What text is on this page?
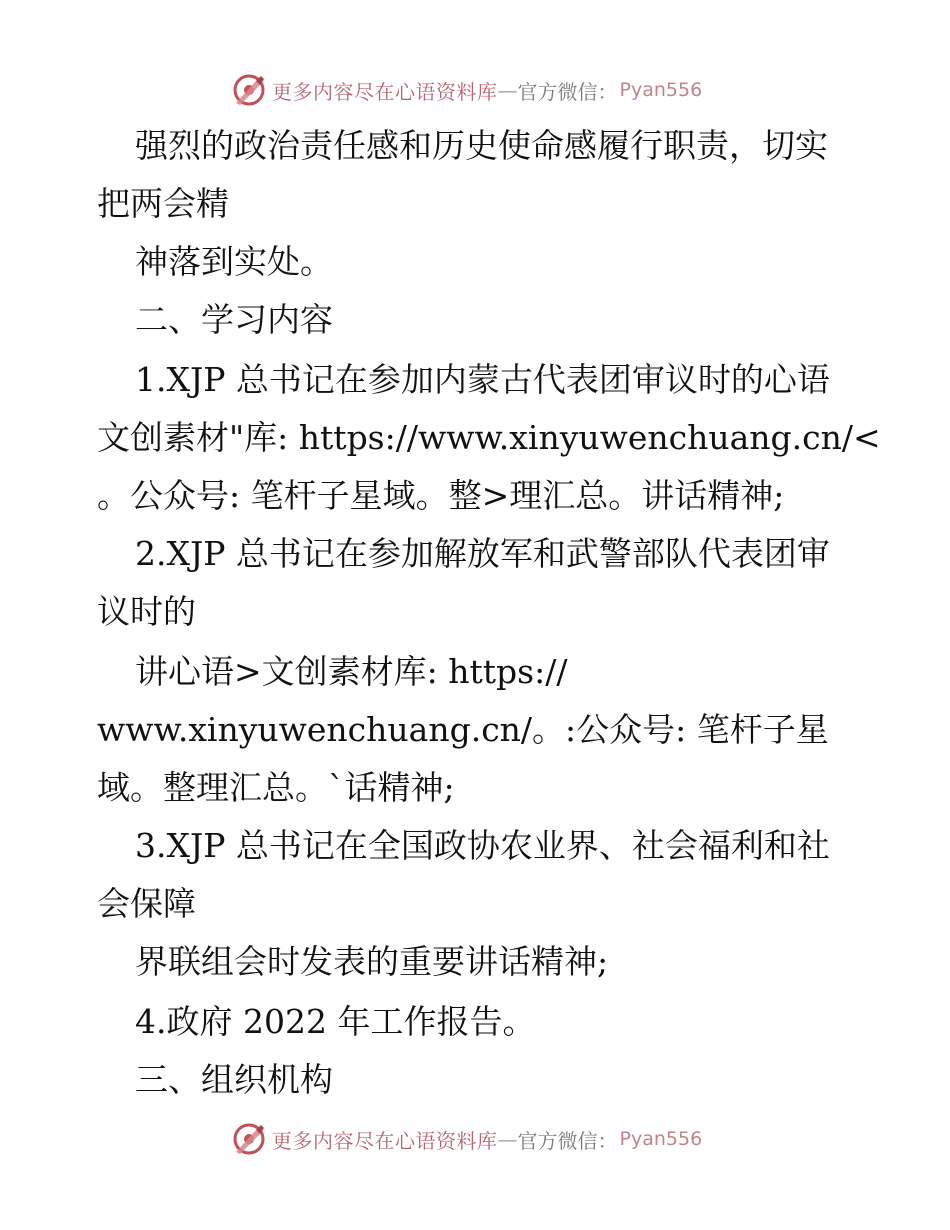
更多内容尽在心语资料库 — 官方微信： Pyan556
强烈的政治责任感和历史使命感履行职责，切实
把两会精
神落到实处。
二、学习内容
1.XJP 总书记在参加内蒙古代表团审议时的心语
文创素材"库: https://www.xinyuwenchuang.cn/<
。公众号: 笔杆子星域。整>理汇总。讲话精神;
2.XJP 总书记在参加解放军和武警部队代表团审
议时的
讲心语>文创素材库: https://
www.xinyuwenchuang.cn/。:公众号: 笔杆子星
域。整理汇总。`话精神;
3.XJP 总书记在全国政协农业界、社会福利和社
会保障
界联组会时发表的重要讲话精神;
4.政府 2022 年工作报告。
三、组织机构
更多内容尽在心语资料库 — 官方微信： Pyan556
